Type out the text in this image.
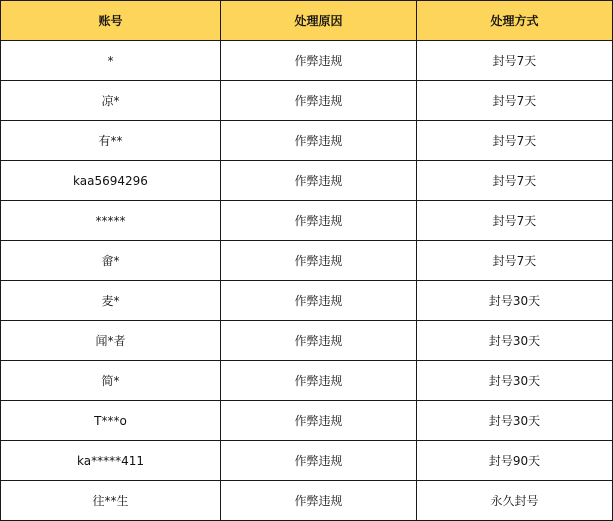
账号	处理原因	处理方式
*	作弊违规	封号7天
凉*	作弊违规	封号7天
有**	作弊违规	封号7天
kaa5694296	作弊违规	封号7天
*****	作弊违规	封号7天
畲*	作弊违规	封号7天
麦*	作弊违规	封号30天
闻*者	作弊违规	封号30天
简*	作弊违规	封号30天
T***o	作弊违规	封号30天
ka*****411	作弊违规	封号90天
往**生	作弊违规	永久封号
